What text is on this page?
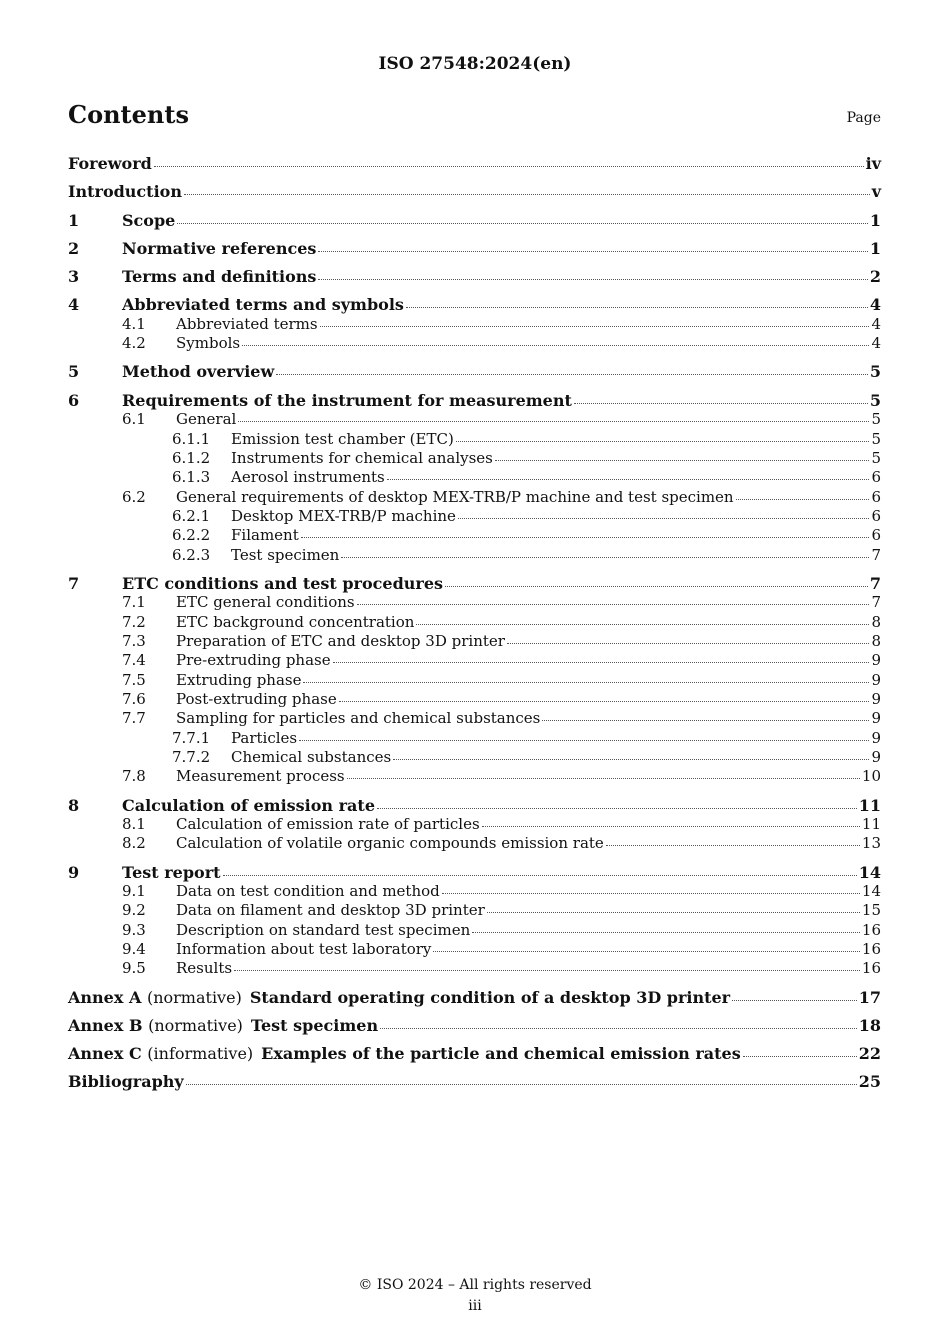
ISO 27548:2024(en)
Contents	Page
Foreword	iv
Introduction	v
1	Scope	1
2	Normative references	1
3	Terms and definitions	2
4	Abbreviated terms and symbols	4
4.1	Abbreviated terms	4
4.2	Symbols	4
5	Method overview	5
6	Requirements of the instrument for measurement	5
6.1	General	5
6.1.1	Emission test chamber (ETC)	5
6.1.2	Instruments for chemical analyses	5
6.1.3	Aerosol instruments	6
6.2	General requirements of desktop MEX-TRB/P machine and test specimen	6
6.2.1	Desktop MEX-TRB/P machine	6
6.2.2	Filament	6
6.2.3	Test specimen	7
7	ETC conditions and test procedures	7
7.1	ETC general conditions	7
7.2	ETC background concentration	8
7.3	Preparation of ETC and desktop 3D printer	8
7.4	Pre-extruding phase	9
7.5	Extruding phase	9
7.6	Post-extruding phase	9
7.7	Sampling for particles and chemical substances	9
7.7.1	Particles	9
7.7.2	Chemical substances	9
7.8	Measurement process	10
8	Calculation of emission rate	11
8.1	Calculation of emission rate of particles	11
8.2	Calculation of volatile organic compounds emission rate	13
9	Test report	14
9.1	Data on test condition and method	14
9.2	Data on filament and desktop 3D printer	15
9.3	Description on standard test specimen	16
9.4	Information about test laboratory	16
9.5	Results	16
Annex A (normative) Standard operating condition of a desktop 3D printer	17
Annex B (normative) Test specimen	18
Annex C (informative) Examples of the particle and chemical emission rates	22
Bibliography	25
© ISO 2024 – All rights reserved
iii
